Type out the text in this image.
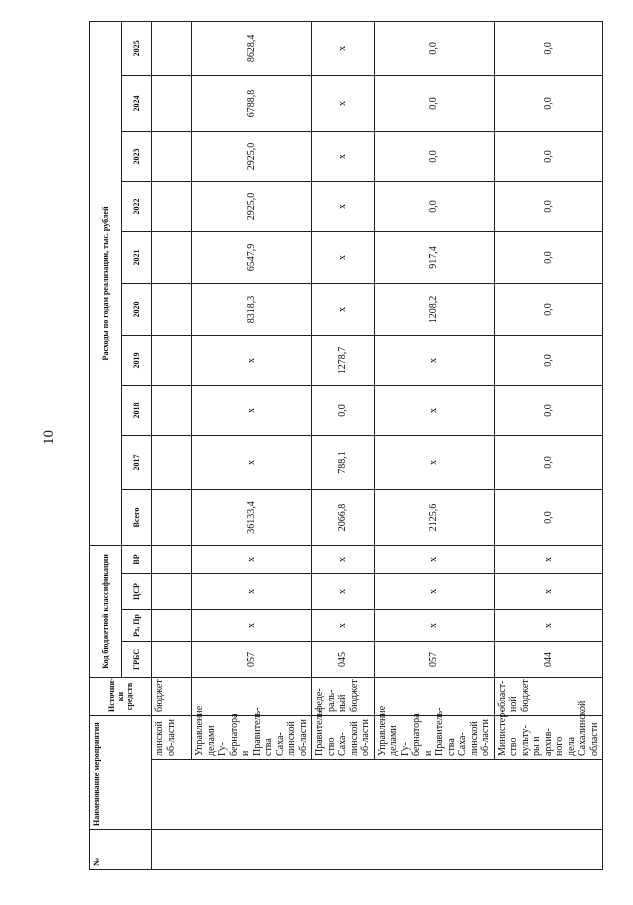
10
№	Наименование мероприятия		Источни-ки средств	Код бюджетной классификации				Расходы по годам реализации, тыс. рублей									
				ГРБС	Рз, Пр	ЦСР	ВР	Всего	2017	2018	2019	2020	2021	2022	2023	2024	2025
		линской об-ласти	бюджет														
		Управление делами Гу-бернатора и Правитель-ства Саха-линской об-ласти		057	x	x	x	36133,4	x	x	x	8318,3	6547,9	2925,0	2925,0	6788,8	8628,4
		Правитель-ство Саха-линской об-ласти	феде-раль-ный бюджет	045	x	x	x	2066,8	788,1	0,0	1278,7	x	x	x	x	x	x
		Управление делами Гу-бернатора и Правитель-ства Саха-линской об-ласти		057	x	x	x	2125,6	x	x	x	1208,2	917,4	0,0	0,0	0,0	0,0
		Министер-ство культу-ры и архив-ного дела Сахалинской области	област-ной бюджет	044	x	x	x	0,0	0,0	0,0	0,0	0,0	0,0	0,0	0,0	0,0	0,0
